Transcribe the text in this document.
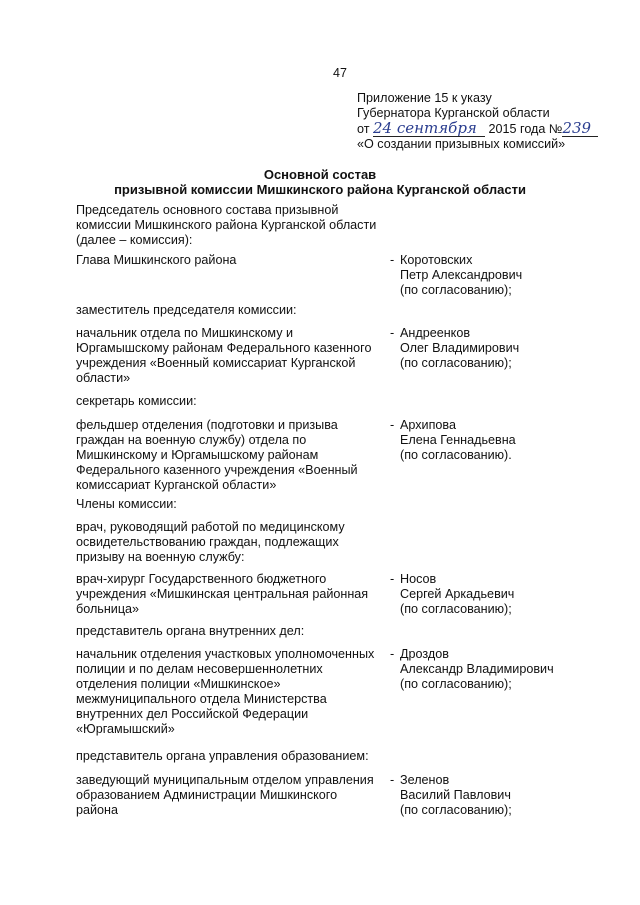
47
Приложение 15 к указу
Губернатора Курганской области
от 24 сентября 2015 года №239
«О создании призывных комиссий»
Основной состав
призывной комиссии Мишкинского района Курганской области
Председатель основного состава призывной
комиссии Мишкинского района Курганской области
(далее – комиссия):
Глава Мишкинского района	- Коротовских
Петр Александрович
(по согласованию);
заместитель председателя комиссии:
начальник отдела по Мишкинскому и
Юргамышскому районам Федерального казенного
учреждения «Военный комиссариат Курганской
области»
- Андреенков
Олег Владимирович
(по согласованию);
секретарь комиссии:
фельдшер отделения (подготовки и призыва
граждан на военную службу) отдела по
Мишкинскому и Юргамышскому районам
Федерального казенного учреждения «Военный
комиссариат Курганской области»
- Архипова
Елена Геннадьевна
(по согласованию).
Члены комиссии:
врач, руководящий работой по медицинскому
освидетельствованию граждан, подлежащих
призыву на военную службу:
врач-хирург Государственного бюджетного
учреждения «Мишкинская центральная районная
больница»
- Носов
Сергей Аркадьевич
(по согласованию);
представитель органа внутренних дел:
начальник отделения участковых уполномоченных
полиции и по делам несовершеннолетних
отделения полиции «Мишкинское»
межмуниципального отдела Министерства
внутренних дел Российской Федерации
«Юргамышский»
- Дроздов
Александр Владимирович
(по согласованию);
представитель органа управления образованием:
заведующий муниципальным отделом управления
образованием Администрации Мишкинского
района
- Зеленов
Василий Павлович
(по согласованию);
